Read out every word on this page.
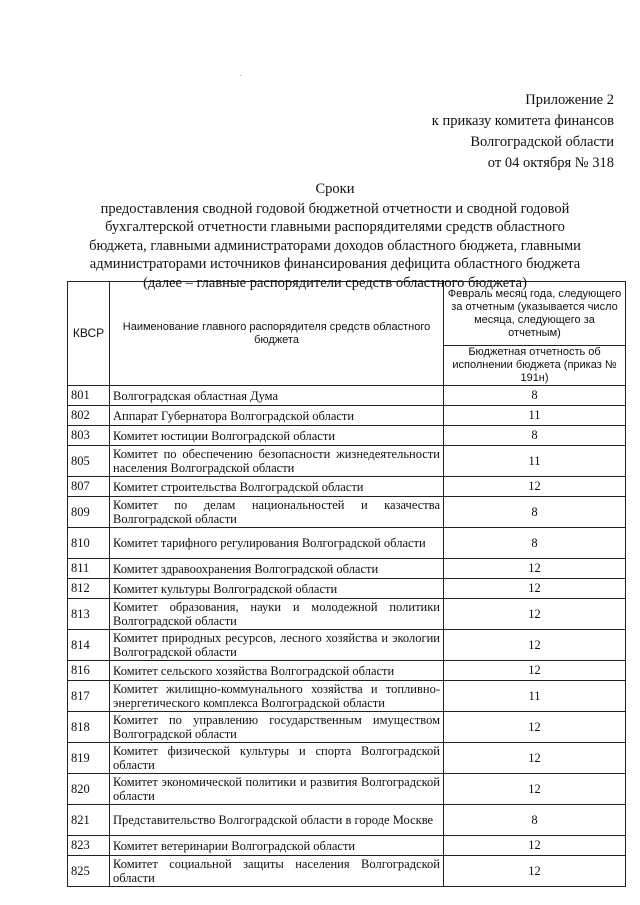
Приложение 2
к приказу комитета финансов
Волгоградской области
от 04 октября № 318
Сроки
предоставления сводной годовой бюджетной отчетности и сводной годовой
бухгалтерской отчетности главными распорядителями средств областного
бюджета, главными администраторами доходов областного бюджета, главными
администраторами источников финансирования дефицита областного бюджета
(далее – главные распорядители средств областного бюджета)
КВСР	Наименование главного распорядителя средств областного бюджета	Февраль месяц года, следующего за отчетным (указывается число месяца, следующего за отчетным)
		Бюджетная отчетность об исполнении бюджета (приказ № 191н)
801	Волгоградская областная Дума	8
802	Аппарат Губернатора Волгоградской области	11
803	Комитет юстиции Волгоградской области	8
805	Комитет по обеспечению безопасности жизнедеятельности населения Волгоградской области	11
807	Комитет строительства Волгоградской области	12
809	Комитет по делам национальностей и казачества Волгоградской области	8
810	Комитет тарифного регулирования Волгоградской области	8
811	Комитет здравоохранения Волгоградской области	12
812	Комитет культуры Волгоградской области	12
813	Комитет образования, науки и молодежной политики Волгоградской области	12
814	Комитет природных ресурсов, лесного хозяйства и экологии Волгоградской области	12
816	Комитет сельского хозяйства Волгоградской области	12
817	Комитет жилищно-коммунального хозяйства и топливно-энергетического комплекса Волгоградской области	11
818	Комитет по управлению государственным имуществом Волгоградской области	12
819	Комитет физической культуры и спорта Волгоградской области	12
820	Комитет экономической политики и развития Волгоградской области	12
821	Представительство Волгоградской области в городе Москве	8
823	Комитет ветеринарии Волгоградской области	12
825	Комитет социальной защиты населения Волгоградской области	12
